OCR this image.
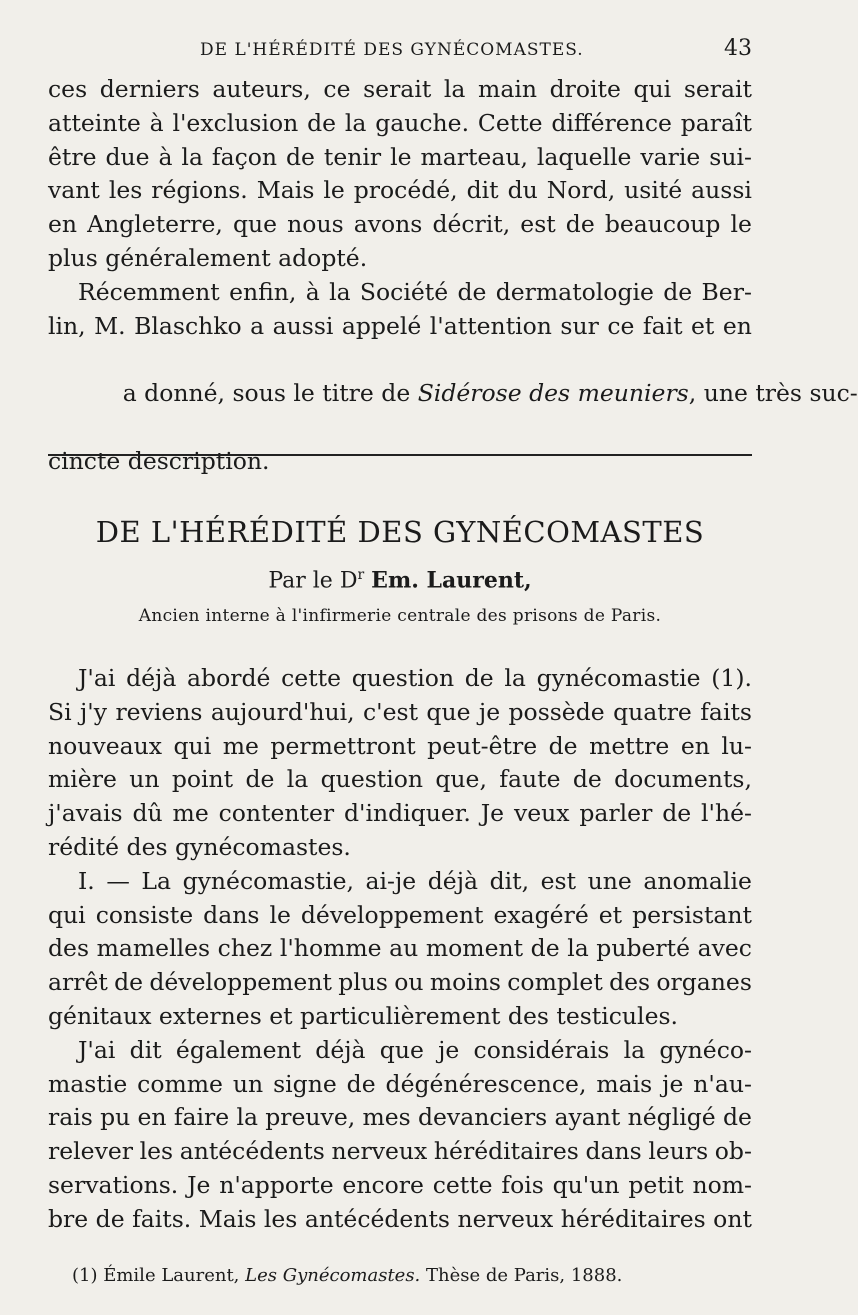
DE L'HÉRÉDITÉ DES GYNÉCOMASTES.	43
ces derniers auteurs, ce serait la main droite qui serait
atteinte à l'exclusion de la gauche. Cette différence paraît
être due à la façon de tenir le marteau, laquelle varie sui-
vant les régions. Mais le procédé, dit du Nord, usité aussi
en Angleterre, que nous avons décrit, est de beaucoup le
plus généralement adopté.
Récemment enfin, à la Société de dermatologie de Ber-
lin, M. Blaschko a aussi appelé l'attention sur ce fait et en

a donné, sous le titre de Sidérose des meuniers, une très suc-

cincte description.
DE L'HÉRÉDITÉ DES GYNÉCOMASTES
Par le $D^r$ Em. Laurent,
Ancien interne à l'infirmerie centrale des prisons de Paris.
J'ai déjà abordé cette question de la gynécomastie (1).
Si j'y reviens aujourd'hui, c'est que je possède quatre faits
nouveaux qui me permettront peut-être de mettre en lu-
mière un point de la question que, faute de documents,
j'avais dû me contenter d'indiquer. Je veux parler de l'hé-
rédité des gynécomastes.
I. — La gynécomastie, ai-je déjà dit, est une anomalie
qui consiste dans le développement exagéré et persistant
des mamelles chez l'homme au moment de la puberté avec
arrêt de développement plus ou moins complet des organes
génitaux externes et particulièrement des testicules.
J'ai dit également déjà que je considérais la gynéco-
mastie comme un signe de dégénérescence, mais je n'au-
rais pu en faire la preuve, mes devanciers ayant négligé de
relever les antécédents nerveux héréditaires dans leurs ob-
servations. Je n'apporte encore cette fois qu'un petit nom-
bre de faits. Mais les antécédents nerveux héréditaires ont
(1) Émile Laurent, Les Gynécomastes. Thèse de Paris, 1888.
